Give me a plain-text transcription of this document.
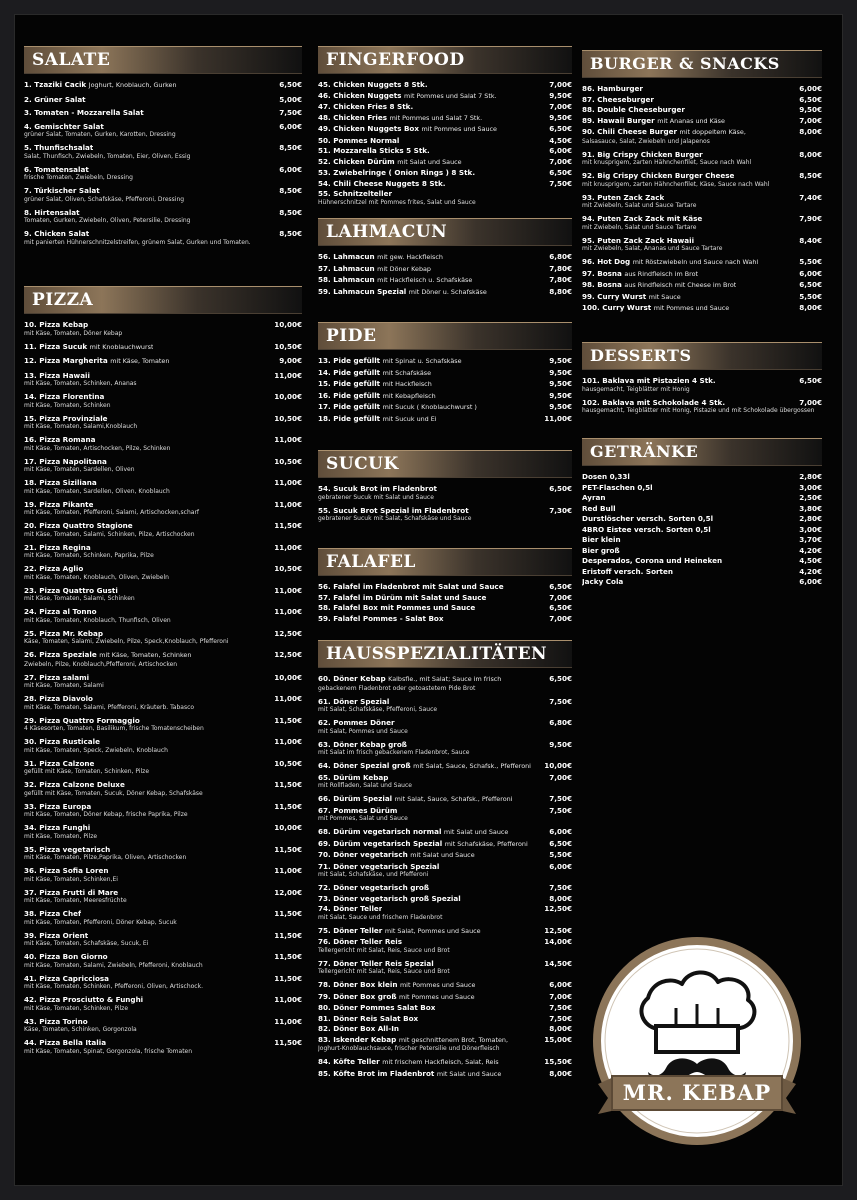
SALATE
1. Tzaziki Cacik Joghurt, Knoblauch, Gurken	6,50€
2. Grüner Salat	5,00€
3. Tomaten - Mozzarella Salat	7,50€
4. Gemischter Salat	6,00€
grüner Salat, Tomaten, Gurken, Karotten, Dressing
5. Thunfischsalat	8,50€
Salat, Thunfisch, Zwiebeln, Tomaten, Eier, Oliven, Essig
6. Tomatensalat	6,00€
frische Tomaten, Zwiebeln, Dressing
7. Türkischer Salat	8,50€
grüner Salat, Oliven, Schafskäse, Pfefferoni, Dressing
8. Hirtensalat	8,50€
Tomaten, Gurken, Zwiebeln, Oliven, Petersilie, Dressing
9. Chicken Salat	8,50€
mit panierten Hühnerschnitzelstreifen, grünem Salat, Gurken und Tomaten.
PIZZA
10. Pizza Kebap	10,00€
mit Käse, Tomaten, Döner Kebap
11. Pizza Sucuk mit Knoblauchwurst	10,50€
12. Pizza Margherita mit Käse, Tomaten	9,00€
13. Pizza Hawaii	11,00€
mit Käse, Tomaten, Schinken, Ananas
14. Pizza Florentina	10,00€
mit Käse, Tomaten, Schinken
15. Pizza Provinziale	10,50€
mit Käse, Tomaten, Salami,Knoblauch
16. Pizza Romana	11,00€
mit Käse, Tomaten, Artischocken, Pilze, Schinken
17. Pizza Napolitana	10,50€
mit Käse, Tomaten, Sardellen, Oliven
18. Pizza Siziliana	11,00€
mit Käse, Tomaten, Sardellen, Oliven, Knoblauch
19. Pizza Pikante	11,00€
mit Käse, Tomaten, Pfefferoni, Salami, Artischocken,scharf
20. Pizza Quattro Stagione	11,50€
mit Käse, Tomaten, Salami, Schinken, Pilze, Artischocken
21. Pizza Regina	11,00€
mit Käse, Tomaten, Schinken, Paprika, Pilze
22. Pizza Aglio	10,50€
mit Käse, Tomaten, Knoblauch, Oliven, Zwiebeln
23. Pizza Quattro Gusti	11,00€
mit Käse, Tomaten, Salami, Schinken
24. Pizza al Tonno	11,00€
mit Käse, Tomaten, Knoblauch, Thunfisch, Oliven
25. Pizza Mr. Kebap	12,50€
Käse, Tomaten, Salami, Zwiebeln, Pilze, Speck,Knoblauch, Pfefferoni
26. Pizza Speziale mit Käse, Tomaten, Schinken	12,50€
Zwiebeln, Pilze, Knoblauch,Pfefferoni, Artischocken
27. Pizza salami	10,00€
mit Käse, Tomaten, Salami
28. Pizza Diavolo	11,00€
mit Käse, Tomaten, Salami, Pfefferoni, Kräuterb. Tabasco
29. Pizza Quattro Formaggio	11,50€
4 Käsesorten, Tomaten, Basilikum, frische Tomatenscheiben
30. Pizza Rusticale	11,00€
mit Käse, Tomaten, Speck, Zwiebeln, Knoblauch
31. Pizza Calzone	10,50€
gefüllt mit Käse, Tomaten, Schinken, Pilze
32. Pizza Calzone Deluxe	11,50€
gefüllt mit Käse, Tomaten, Sucuk, Döner Kebap, Schafskäse
33. Pizza Europa	11,50€
mit Käse, Tomaten, Döner Kebap, frische Paprika, Pilze
34. Pizza Funghi	10,00€
mit Käse, Tomaten, Pilze
35. Pizza vegetarisch	11,50€
mit Käse, Tomaten, Pilze,Paprika, Oliven, Artischocken
36. Pizza Sofia Loren	11,00€
mit Käse, Tomaten, Schinken,Ei
37. Pizza Frutti di Mare	12,00€
mit Käse, Tomaten, Meeresfrüchte
38. Pizza Chef	11,50€
mit Käse, Tomaten, Pfefferoni, Döner Kebap, Sucuk
39. Pizza Orient	11,50€
mit Käse, Tomaten, Schafskäse, Sucuk, Ei
40. Pizza Bon Giorno	11,50€
mit Käse, Tomaten, Salami, Zwiebeln, Pfefferoni, Knoblauch
41. Pizza Capricciosa	11,50€
mit Käse, Tomaten, Schinken, Pfefferoni, Oliven, Artischock.
42. Pizza Prosciutto & Funghi	11,00€
mit Käse, Tomaten, Schinken, Pilze
43. Pizza Torino	11,00€
Käse, Tomaten, Schinken, Gorgonzola
44. Pizza Bella Italia	11,50€
mit Käse, Tomaten, Spinat, Gorgonzola, frische Tomaten
FINGERFOOD
45. Chicken Nuggets 8 Stk.	7,00€
46. Chicken Nuggets mit Pommes und Salat 7 Stk.	9,50€
47. Chicken Fries 8 Stk.	7,00€
48. Chicken Fries mit Pommes und Salat 7 Stk.	9,50€
49. Chicken Nuggets Box mit Pommes und Sauce	6,50€
50. Pommes Normal	4,50€
51. Mozzarella Sticks 5 Stk.	6,00€
52. Chicken Dürüm mit Salat und Sauce	7,00€
53. Zwiebelringe ( Onion Rings ) 8 Stk.	6,50€
54. Chili Cheese Nuggets 8 Stk.	7,50€
55. Schnitzelteller
Hühnerschnitzel mit Pommes frites, Salat und Sauce
LAHMACUN
56. Lahmacun mit gew. Hackfleisch	6,80€
57. Lahmacun mit Döner Kebap	7,80€
58. Lahmacun mit Hackfleisch u. Schafskäse	7,80€
59. Lahmacun Spezial mit Döner u. Schafskäse	8,80€
PIDE
13. Pide gefüllt mit Spinat u. Schafskäse	9,50€
14. Pide gefüllt mit Schafskäse	9,50€
15. Pide gefüllt mit Hackfleisch	9,50€
16. Pide gefüllt mit Kebapfleisch	9,50€
17. Pide gefüllt mit Sucuk ( Knoblauchwurst )	9,50€
18. Pide gefüllt mit Sucuk und Ei	11,00€
SUCUK
54. Sucuk Brot im Fladenbrot	6,50€
gebratener Sucuk mit Salat und Sauce
55. Sucuk Brot Spezial im Fladenbrot	7,30€
gebratener Sucuk mit Salat, Schafskäse und Sauce
FALAFEL
56. Falafel im Fladenbrot mit Salat und Sauce	6,50€
57. Falafel im Dürüm mit Salat und Sauce	7,00€
58. Falafel Box mit Pommes und Sauce	6,50€
59. Falafel Pommes - Salat Box	7,00€
HAUSSPEZIALITÄTEN
60. Döner Kebap Kalbsfle., mit Salat; Sauce im frisch	6,50€
gebackenem Fladenbrot oder getoastetem Pide Brot
61. Döner Spezial	7,50€
mit Salat, Schafskäse, Pfefferoni, Sauce
62. Pommes Döner	6,80€
mit Salat, Pommes und Sauce
63. Döner Kebap groß	9,50€
mit Salat im frisch gebackenem Fladenbrot, Sauce
64. Döner Spezial groß mit Salat, Sauce, Schafsk., Pfefferoni	10,00€
65. Dürüm Kebap	7,00€
mit Rollfladen, Salat und Sauce
66. Dürüm Spezial mit Salat, Sauce, Schafsk., Pfefferoni	7,50€
67. Pommes Dürüm	7,50€
mit Pommes, Salat und Sauce
68. Dürüm vegetarisch normal mit Salat und Sauce	6,00€
69. Dürüm vegetarisch Spezial mit Schafskäse, Pfefferoni	6,50€
70. Döner vegetarisch mit Salat und Sauce	5,50€
71. Döner vegetarisch Spezial	6,00€
mit Salat, Schafskäse, und Pfefferoni
72. Döner vegetarisch groß	7,50€
73. Döner vegetarisch groß Spezial	8,00€
74. Döner Teller	12,50€
mit Salat, Sauce und frischem Fladenbrot
75. Döner Teller mit Salat, Pommes und Sauce	12,50€
76. Döner Teller Reis	14,00€
Tellergericht mit Salat, Reis, Sauce und Brot
77. Döner Teller Reis Spezial	14,50€
Tellergericht mit Salat, Reis, Sauce und Brot
78. Döner Box klein mit Pommes und Sauce	6,00€
79. Döner Box groß mit Pommes und Sauce	7,00€
80. Döner Pommes Salat Box	7,50€
81. Döner Reis Salat Box	7,50€
82. Döner Box All-In	8,00€
83. Iskender Kebap mit geschnittenem Brot, Tomaten,	15,00€
Joghurt-Knoblauchsauce, frischer Petersilie und Dönerfleisch
84. Köfte Teller mit frischem Hackfleisch, Salat, Reis	15,50€
85. Köfte Brot im Fladenbrot mit Salat und Sauce	8,00€
BURGER & SNACKS
86. Hamburger	6,00€
87. Cheeseburger	6,50€
88. Double Cheeseburger	9,50€
89. Hawaii Burger mit Ananas und Käse	7,00€
90. Chili Cheese Burger mit doppeltem Käse,	8,00€
Salsasauce, Salat, Zwiebeln und Jalapenos
91. Big Crispy Chicken Burger	8,00€
mit knusprigem, zarten Hähnchenfilet, Sauce nach Wahl
92. Big Crispy Chicken Burger Cheese	8,50€
mit knusprigem, zarten Hähnchenfilet, Käse, Sauce nach Wahl
93. Puten Zack Zack	7,40€
mit Zwiebeln, Salat und Sauce Tartare
94. Puten Zack Zack mit Käse	7,90€
mit Zwiebeln, Salat und Sauce Tartare
95. Puten Zack Zack Hawaii	8,40€
mit Zwiebeln, Salat, Ananas und Sauce Tartare
96. Hot Dog mit Röstzwiebeln und Sauce nach Wahl	5,50€
97. Bosna aus Rindfleisch im Brot	6,00€
98. Bosna aus Rindfleisch mit Cheese im Brot	6,50€
99. Curry Wurst mit Sauce	5,50€
100. Curry Wurst mit Pommes und Sauce	8,00€
DESSERTS
101. Baklava mit Pistazien 4 Stk.	6,50€
hausgemacht, Teigblätter mit Honig
102. Baklava mit Schokolade 4 Stk.	7,00€
hausgemacht, Teigblätter mit Honig, Pistazie und mit Schokolade übergossen
GETRÄNKE
Dosen 0,33l	2,80€
PET-Flaschen 0,5l	3,00€
Ayran	2,50€
Red Bull	3,80€
Durstlöscher versch. Sorten 0,5l	2,80€
4BRO Eistee versch. Sorten 0,5l	3,00€
Bier klein	3,70€
Bier groß	4,20€
Desperados, Corona und Heineken	4,50€
Eristoff versch. Sorten	4,20€
Jacky Cola	6,00€
MR. KEBAP
